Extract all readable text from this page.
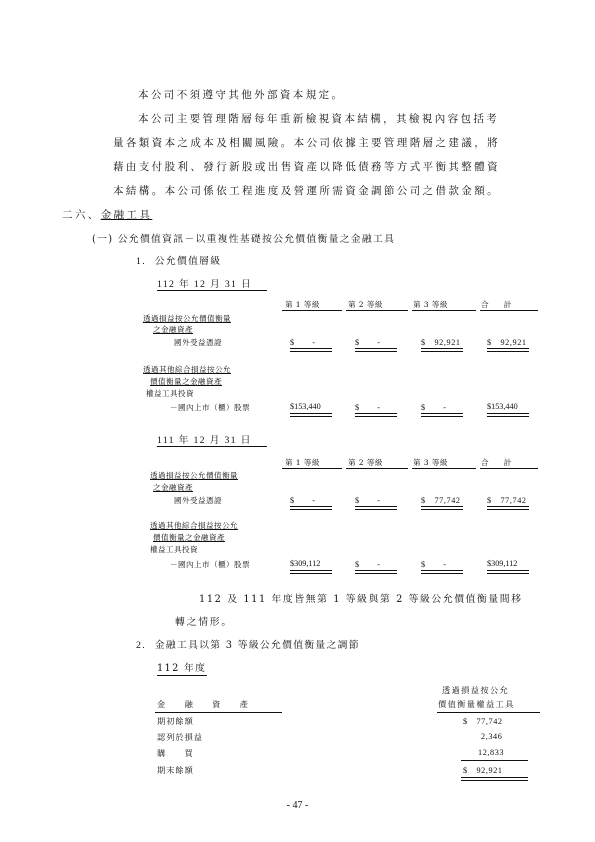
本公司不須遵守其他外部資本規定。
本公司主要管理階層每年重新檢視資本結構，其檢視內容包括考
量各類資本之成本及相關風險。本公司依據主要管理階層之建議，將
藉由支付股利、發行新股或出售資產以降低債務等方式平衡其整體資
本結構。本公司係依工程進度及營運所需資金調節公司之借款金額。
二六、金融工具
(一) 公允價值資訊－以重複性基礎按公允價值衡量之金融工具
1. 公允價值層級
112 年 12 月 31 日
第 1 等級	第 2 等級	第 3 等級	合　　計
透過損益按公允價值衡量
之金融資產
國外受益憑證	$　　-	$　　-	$　92,921	$　92,921
透過其他綜合損益按公允
價值衡量之金融資產
權益工具投資
－國內上市（櫃）股票	$153,440	$　　-	$　　-	$153,440
111 年 12 月 31 日
第 1 等級	第 2 等級	第 3 等級	合　　計
透過損益按公允價值衡量
之金融資產
國外受益憑證	$　　-	$　　-	$　77,742	$　77,742
透過其他綜合損益按公允
價值衡量之金融資產
權益工具投資
－國內上市（櫃）股票	$309,112	$　　-	$　　-	$309,112
112 及 111 年度皆無第 1 等級與第 2 等級公允價值衡量間移
轉之情形。
2. 金融工具以第 3 等級公允價值衡量之調節
112 年度
透過損益按公允
價值衡量權益工具
金　　融　　資　　產
期初餘額	$　77,742
認列於損益	2,346
購　　買	12,833
期末餘額	$　92,921
- 47 -
